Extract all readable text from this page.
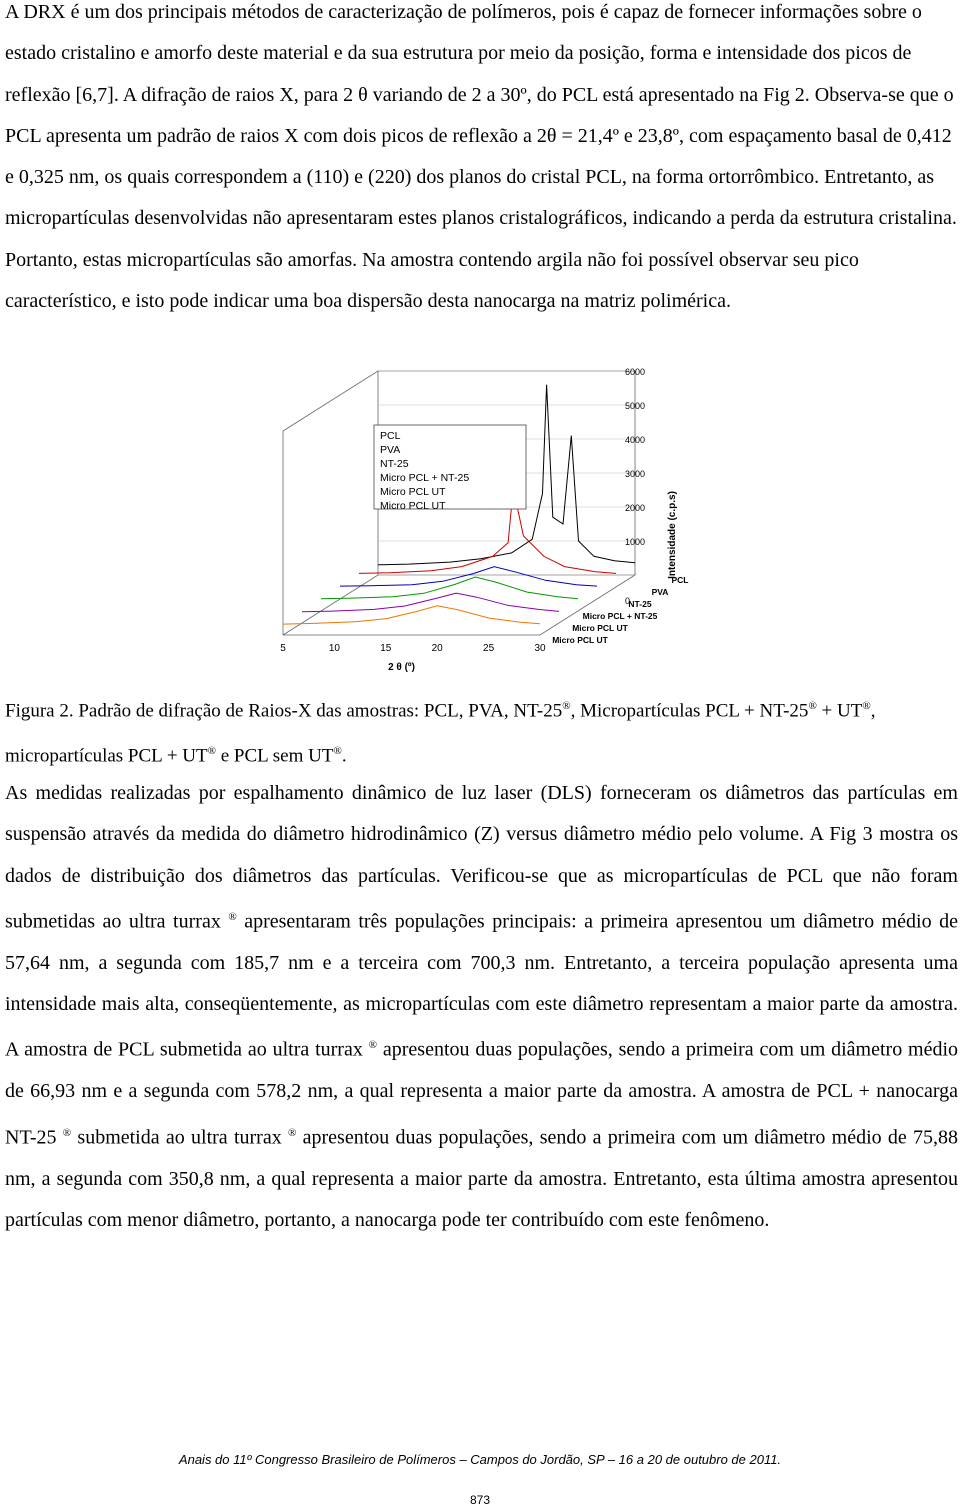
A DRX é um dos principais métodos de caracterização de polímeros, pois é capaz de fornecer informações sobre o estado cristalino e amorfo deste material e da sua estrutura por meio da posição, forma e intensidade dos picos de reflexão [6,7]. A difração de raios X, para 2 θ variando de 2 a 30º, do PCL está apresentado na Fig 2. Observa-se que o PCL apresenta um padrão de raios X com dois picos de reflexão a 2θ = 21,4º e 23,8º, com espaçamento basal de 0,412 e 0,325 nm, os quais correspondem a (110) e (220) dos planos do cristal PCL, na forma ortorrômbico. Entretanto, as micropartículas desenvolvidas não apresentaram estes planos cristalográficos, indicando a perda da estrutura cristalina. Portanto, estas micropartículas são amorfas. Na amostra contendo argila não foi possível observar seu pico característico, e isto pode indicar uma boa dispersão desta nanocarga na matriz polimérica.

5	10	15	20	25	30
2 θ (º)
0
1000
2000
3000
4000
5000
6000
Intensidade (c.p.s)
PCL
PVA
NT-25
Micro PCL + NT-25
Micro PCL UT
Micro PCL UT
PCL
PVA
NT-25
Micro PCL + NT-25
Micro PCL UT
Micro PCL UT

Figura 2. Padrão de difração de Raios-X das amostras: PCL, PVA, NT-25®, Micropartículas PCL + NT-25® + UT®, micropartículas PCL + UT® e PCL sem UT®.

As medidas realizadas por espalhamento dinâmico de luz laser (DLS) forneceram os diâmetros das partículas em suspensão através da medida do diâmetro hidrodinâmico (Z) versus diâmetro médio pelo volume. A Fig 3 mostra os dados de distribuição dos diâmetros das partículas. Verificou-se que as micropartículas de PCL que não foram submetidas ao ultra turrax ® apresentaram três populações principais: a primeira apresentou um diâmetro médio de 57,64 nm, a segunda com 185,7 nm e a terceira com 700,3 nm. Entretanto, a terceira população apresenta uma intensidade mais alta, conseqüentemente, as micropartículas com este diâmetro representam a maior parte da amostra. A amostra de PCL submetida ao ultra turrax ® apresentou duas populações, sendo a primeira com um diâmetro médio de 66,93 nm e a segunda com 578,2 nm, a qual representa a maior parte da amostra. A amostra de PCL + nanocarga NT-25 ® submetida ao ultra turrax ® apresentou duas populações, sendo a primeira com um diâmetro médio de 75,88 nm, a segunda com 350,8 nm, a qual representa a maior parte da amostra. Entretanto, esta última amostra apresentou partículas com menor diâmetro, portanto, a nanocarga pode ter contribuído com este fenômeno.

Anais do 11º Congresso Brasileiro de Polímeros – Campos do Jordão, SP – 16 a 20 de outubro de 2011.
873
